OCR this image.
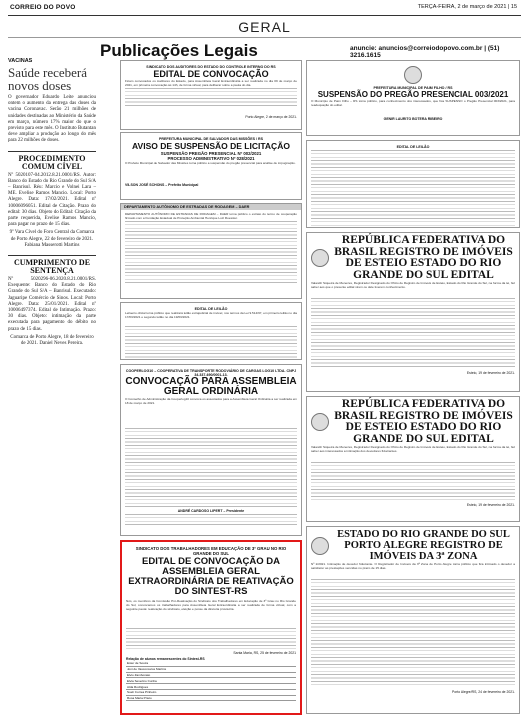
CORREIO DO POVO	TERÇA-FEIRA, 2 de março de 2021 | 15
GERAL
VACINAS
Saúde receberá novos doses
O governador Eduardo Leite anunciou ontem o aumento da entrega das doses da vacina Coronavac. Serão 21 milhões de unidades destinadas ao Ministério da Saúde em março, número 17% maior do que o previsto para este mês. O Instituto Butantan deve ampliar a produção ao longo do mês para 22 milhões de doses.
PROCEDIMENTO COMUM CÍVEL
Nº 5020107-04.2012.8.21.0001/RS. Autor: Banco do Estado do Rio Grande do Sul S/A – Banrisul. Réu: Marcio e Volnei Lara – ME. Evelise Ramos Mancio. Local: Porto Alegre. Data: 17/02/2021. Edital nº 10006096051. Edital de Citação. Prazo do edital: 30 dias. Objeto do Edital: Citação da parte requerida, Evelise Ramos Mancio, para pagar no prazo de 15 dias.
9º Vara Cível do Foro Central da Comarca de Porto Alegre, 22 de fevereiro de 2021.
Fabiana Masserotti Martins
CUMPRIMENTO DE SENTENÇA
Nº 5020296-06.2020.8.21.0001/RS. Exequente: Banco do Estado do Rio Grande do Sul S/A – Banrisul. Executado: Jaguaripe Comércio de Sinos. Local: Porto Alegre. Data: 25/01/2021. Edital nº 10006497374. Edital de Intimação. Prazo: 30 dias. Objeto: intimação da parte executada para pagamento do débito no prazo de 15 dias.
Comarca de Porto Alegre, 18 de fevereiro de 2021. Daniel Neves Pereira.
Publicações Legais	anuncie: anuncios@correiodopovo.com.br | (51) 3216.1615
SINDICATO DOS AUDITORES DO ESTADO DO CONTROLE INTERNO DO RS
EDITAL DE CONVOCAÇÃO
Ficam convocados os Auditores do Estado, para Assembleia Geral Extraordinária a ser realizada no dia 09 de março de 2021, em primeira convocação às 14h, de forma virtual, para deliberar sobre a pauta do dia.
Porto Alegre, 2 de março de 2021.
PREFEITURA MUNICIPAL DE PAIM FILHO / RS
SUSPENSÃO DO PREGÃO PRESENCIAL 003/2021
O Município de Paim Filho – RS torna público, para conhecimento dos interessados, que fica SUSPENSO o Pregão Presencial 003/2021, para readequação do edital.
GENIR LAURITO BOTERA RIBEIRO
PREFEITURA MUNICIPAL DE SALVADOR DAS MISSÕES / RS
AVISO DE SUSPENSÃO DE LICITAÇÃO
SUSPENSÃO PREGÃO PRESENCIAL Nº 002/2021
PROCESSO ADMINISTRATIVO Nº 028/2021
O Prefeito Municipal de Salvador das Missões torna público a suspensão do pregão presencial para análise de impugnação.
VILSON JOSÉ SCHONS – Prefeito Municipal
DEPARTAMENTO AUTÔNOMO DE ESTRADAS DE RODAGEM – DAER
DEPARTAMENTO AUTÔNOMO DE ESTRADAS DE RODAGEM – DAER torna público o extrato do termo de cooperação firmado com a Fundação Estadual de Proteção Ambiental Henrique Luiz Roessler.
EDITAL DE LEILÃO
EDITAL DE LEILÃO
Leiloeiro oficial torna público que realizará leilão extrajudicial de imóvel, nos termos da Lei 9.514/97, em primeiro leilão no dia 17/03/2021 e segundo leilão no dia 19/03/2021.
COOPERLOG10 – COOPERATIVA DE TRANSPORTE RODOVIÁRIO DE CARGAS LOG10 LTDA. CNPJ 34.337.490/0001-13.
CONVOCAÇÃO PARA ASSEMBLEIA GERAL ORDINÁRIA
O Conselho de Administração da Cooperlog10 convoca os associados para a Assembleia Geral Ordinária a ser realizada em 18 de março de 2021.
ANDRÉ CARDOSO LIPERT – Presidente
REPÚBLICA FEDERATIVA DO BRASIL REGISTRO DE IMÓVEIS DE ESTEIO ESTADO DO RIO GRANDE DO SUL EDITAL
Valandir Siqueira de Menezes, Registrador Designado do Ofício de Registro de Imóveis de Esteio, Estado do Rio Grande do Sul, na forma da lei, faz saber aos que o presente edital virem ou dele tiverem conhecimento.
Esteio, 19 de fevereiro de 2021.
REPÚBLICA FEDERATIVA DO BRASIL REGISTRO DE IMÓVEIS DE ESTEIO ESTADO DO RIO GRANDE DO SUL EDITAL
Valandir Siqueira de Menezes, Registrador Designado do Ofício de Registro de Imóveis de Esteio, Estado do Rio Grande do Sul, na forma da lei, faz saber aos interessados a intimação dos devedores fiduciantes.
Esteio, 19 de fevereiro de 2021.
ESTADO DO RIO GRANDE DO SUL PORTO ALEGRE REGISTRO DE IMÓVEIS DA 3ª ZONA
Nº 2/2021. Intimação de devedor fiduciante. O Registrador de Imóveis da 3ª Zona de Porto Alegre torna público que fica intimado o devedor a satisfazer as prestações vencidas no prazo de 15 dias.
Porto Alegre/RS, 24 de fevereiro de 2021.
SINDICATO DOS TRABALHADORES EM EDUCAÇÃO DE 3º GRAU NO RIO GRANDE DO SUL
EDITAL DE CONVOCAÇÃO DA ASSEMBLEIA GERAL EXTRAORDINÁRIA DE REATIVAÇÃO DO SINTEST-RS
Nós, os membros da Comissão Pró-Reativação do Sindicato dos Trabalhadores em Educação de 3º Grau no Rio Grande do Sul, convocamos os trabalhadores para Assembleia Geral Extraordinária a ser realizada de forma virtual, com a seguinte pauta: reativação do sindicato, eleição e posse da diretoria provisória.
Santa Maria, RS, 25 de fevereiro de 2021
Relação de alunos remanescentes do Sintest-RS
Ester de Souza
Joni de Vasconcelos Martins
Elvio Zambonato
Elvia Severino Cunha
Alda Rodrigues
Sueli Correa Pinheiro
Rosa Maria Prieto
